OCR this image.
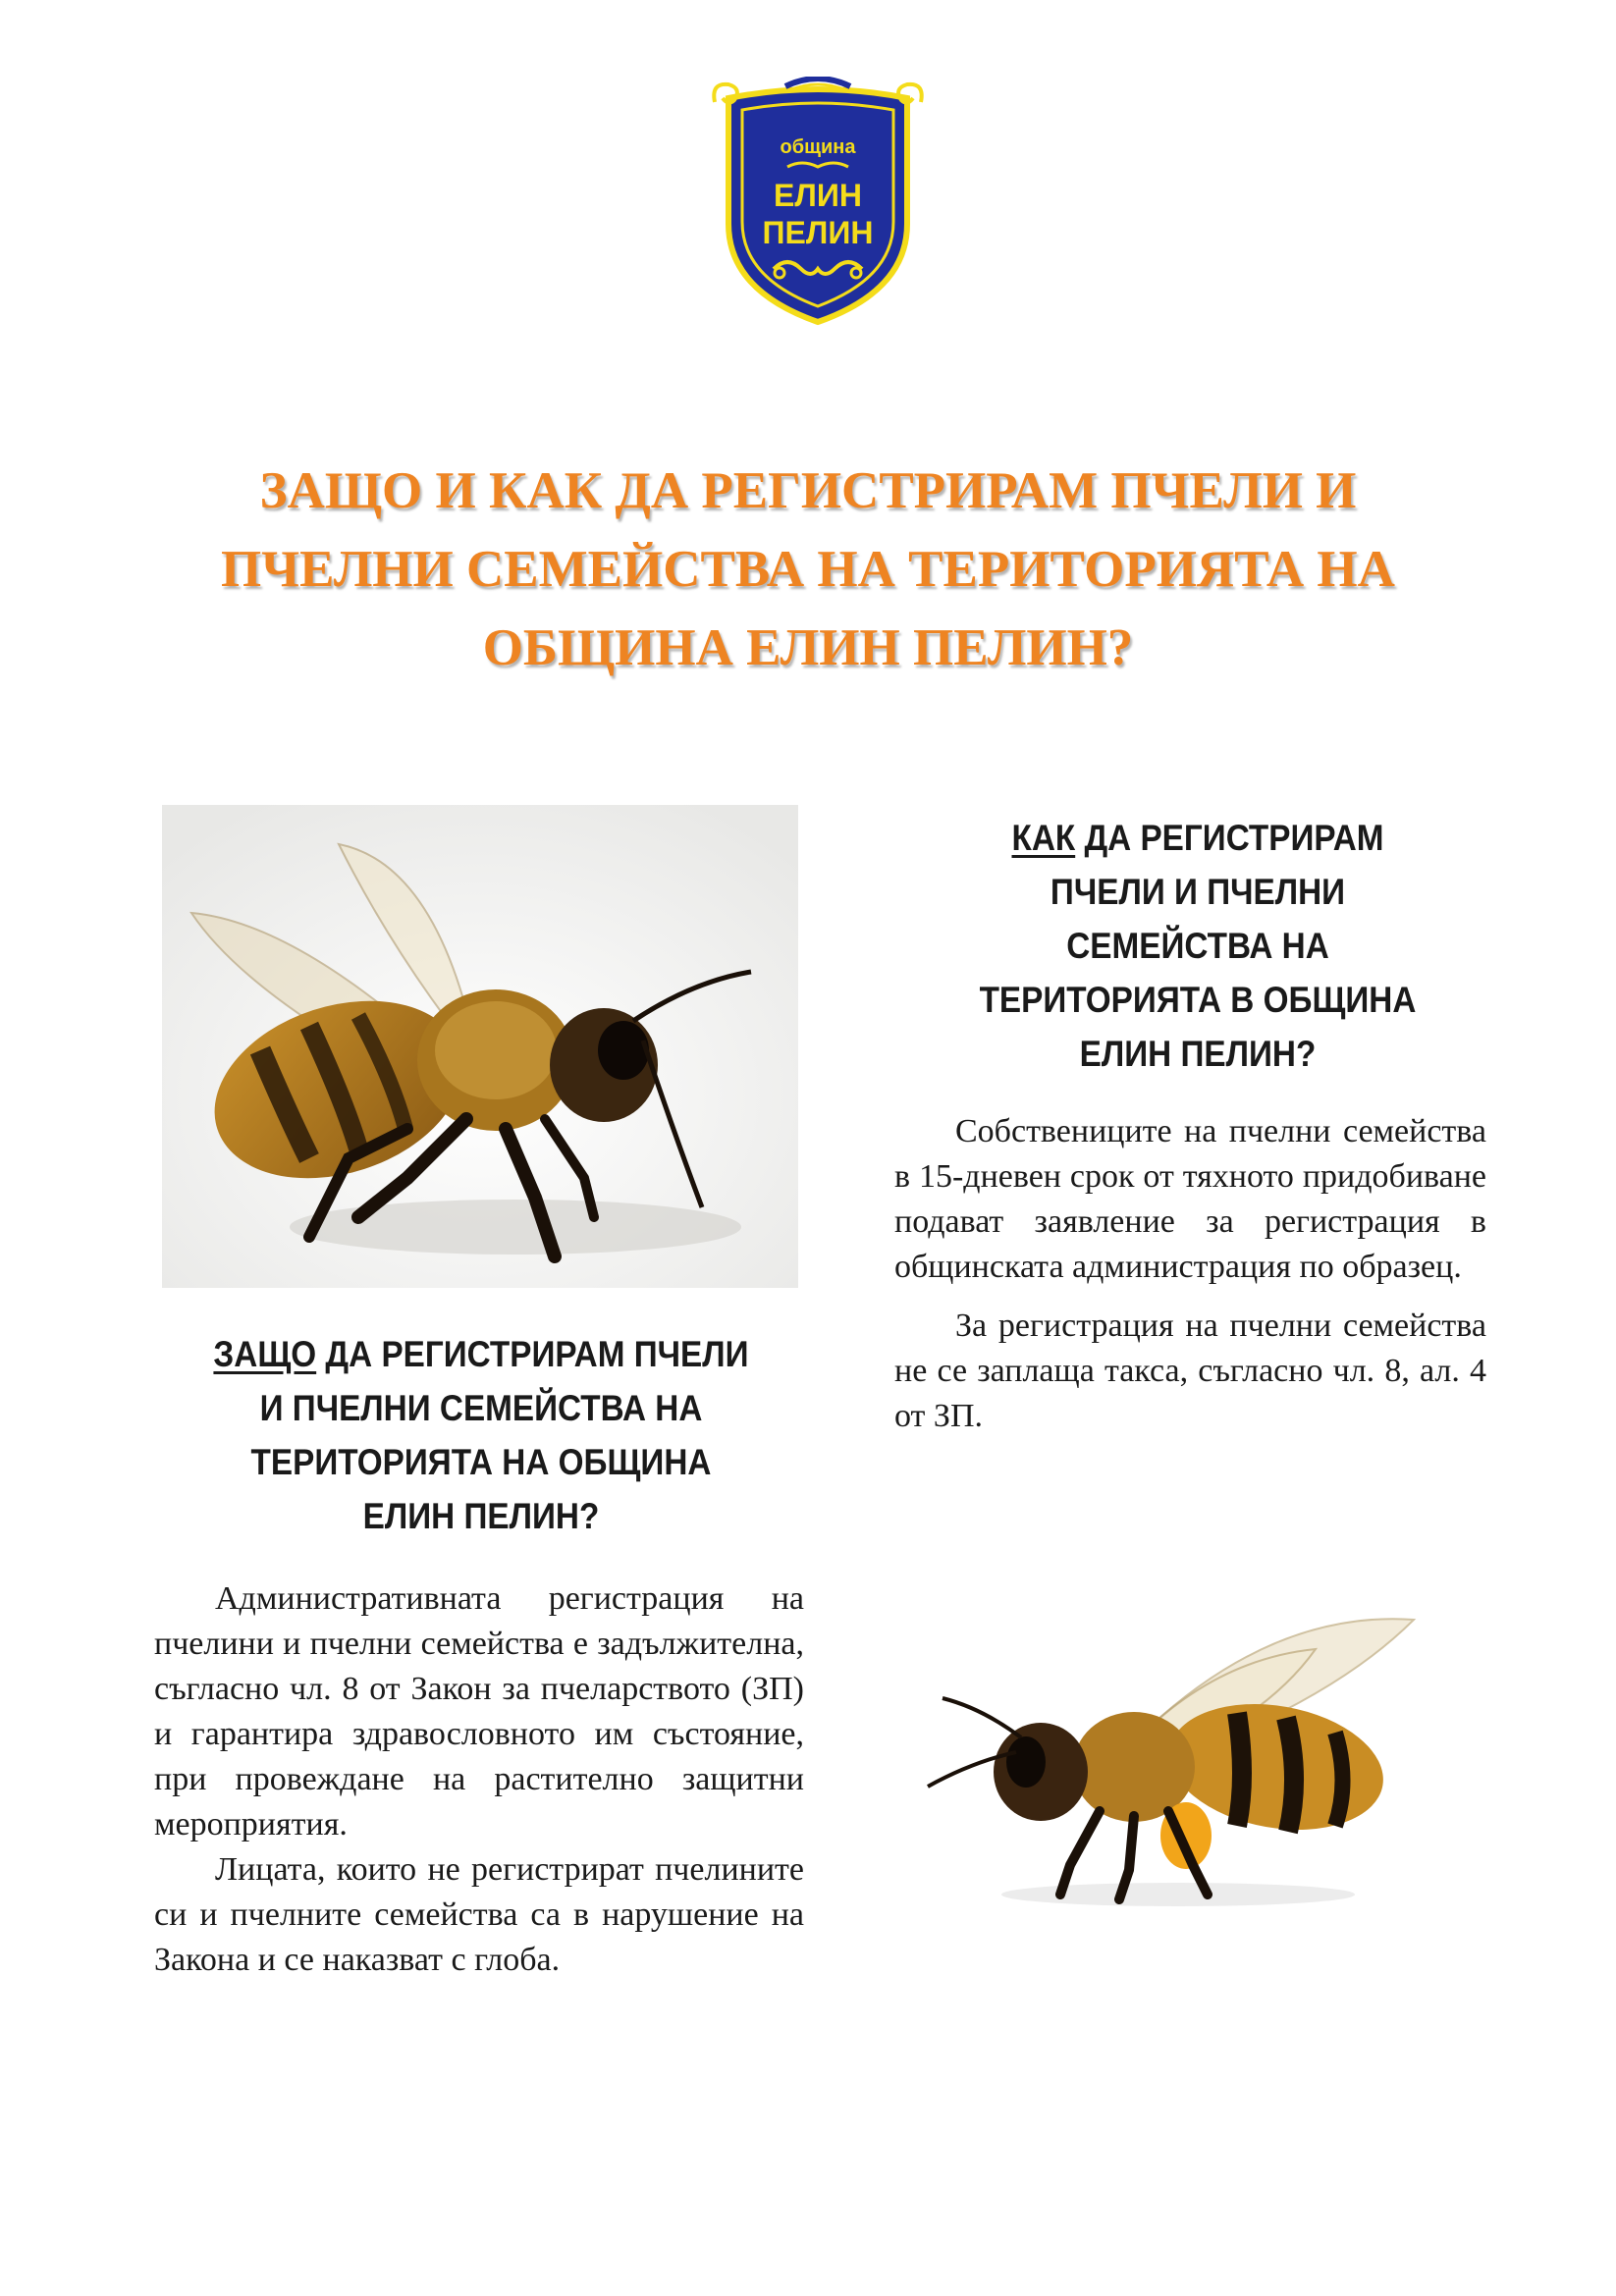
община
ЕЛИН
ПЕЛИН
ЗАЩО И КАК ДА РЕГИСТРИРАМ ПЧЕЛИ И
ПЧЕЛНИ СЕМЕЙСТВА НА ТЕРИТОРИЯТА НА
ОБЩИНА ЕЛИН ПЕЛИН?
ЗАЩО ДА РЕГИСТРИРАМ ПЧЕЛИ
И ПЧЕЛНИ СЕМЕЙСТВА НА
ТЕРИТОРИЯТА НА ОБЩИНА
ЕЛИН ПЕЛИН?

Административната регистрация на пчелини и пчелни семейства е задължителна, съгласно чл. 8 от Закон за пчеларството (ЗП) и гарантира здравословното им състояние, при провеждане на растително защитни мероприятия.

Лицата, които не регистрират пчелините си и пчелните семейства са в нарушение на Закона и се наказват с глоба.

КАК ДА РЕГИСТРИРАМ
ПЧЕЛИ И ПЧЕЛНИ
СЕМЕЙСТВА НА
ТЕРИТОРИЯТА В ОБЩИНА
ЕЛИН ПЕЛИН?

Собствениците на пчелни семейства в 15-дневен срок от тяхното придобиване подават заявление за регистрация в общинската администрация по образец.

За регистрация на пчелни семейства не се заплаща такса, съгласно чл. 8, ал. 4 от ЗП.
